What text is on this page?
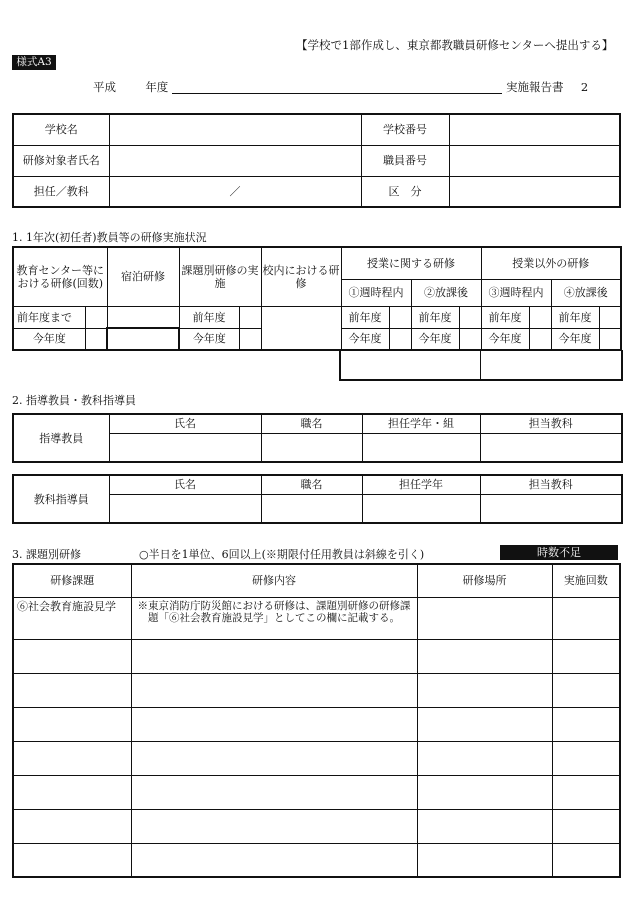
【学校で1部作成し、東京都教職員研修センターへ提出する】
様式A3
平成	年度	実施報告書 2
学校名		学校番号	
研修対象者氏名		職員番号	
担任／教科	／	区　分	
1. 1年次(初任者)教員等の研修実施状況
教育センター等における研修(回数)		宿泊研修	課題別研修の実施		校内における研修	授業に関する研修				授業以外の研修			
						①週時程内		②放課後		③週時程内		④放課後	
前年度まで			前年度			前年度		前年度		前年度		前年度	
今年度			今年度			今年度		今年度		今年度		今年度	

2. 指導教員・教科指導員
指導教員	氏名	職名	担任学年・組	担当教科

教科指導員	氏名	職名	担任学年	担当教科

3. 課題別研修	○半日を1単位、6回以上(※期限付任用教員は斜線を引く)	時数不足
研修課題	研修内容	研修場所	実施回数
⑥社会教育施設見学	※東京消防庁防災館における研修は、課題別研修の研修課題「⑥社会教育施設見学」としてこの欄に記載する。		
